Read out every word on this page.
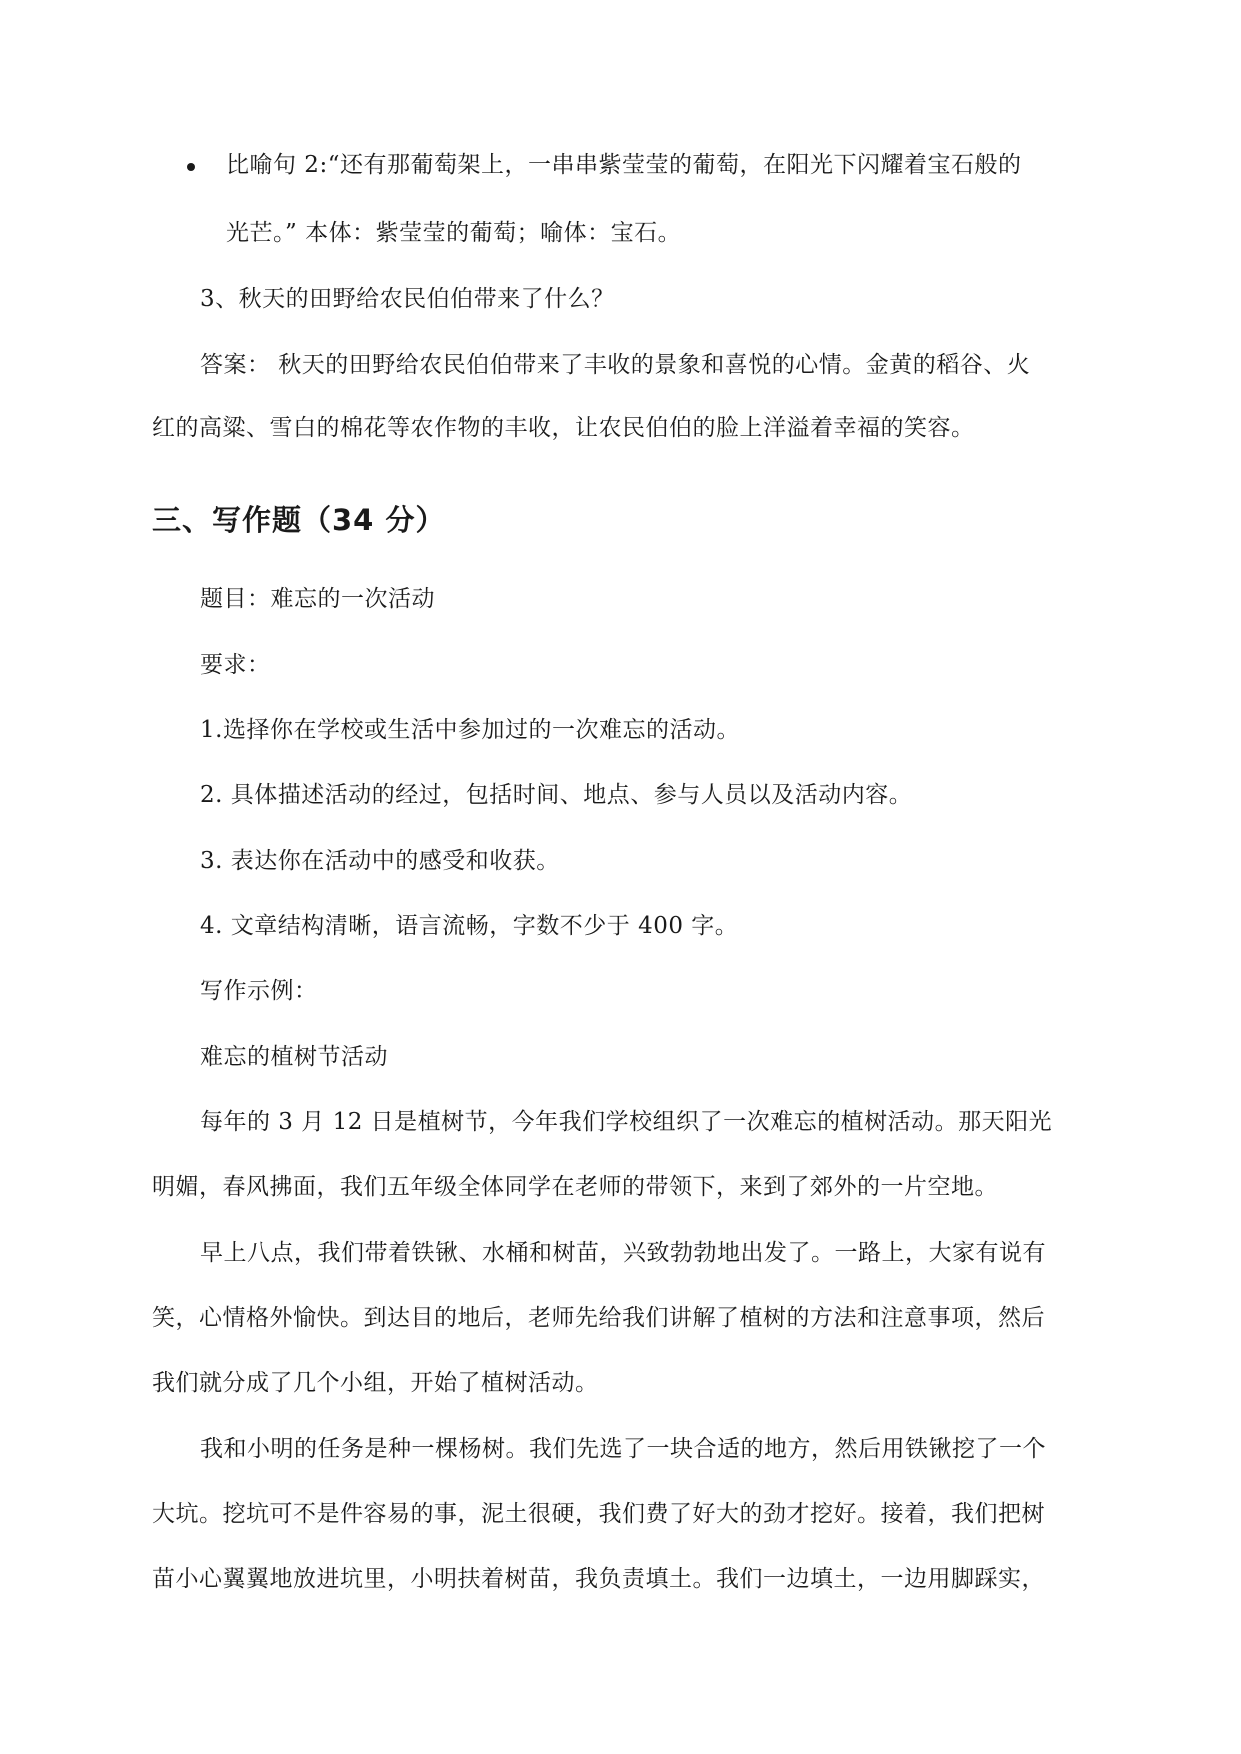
比喻句 2:“还有那葡萄架上，一串串紫莹莹的葡萄，在阳光下闪耀着宝石般的
光芒。” 本体：紫莹莹的葡萄；喻体：宝石。
3、秋天的田野给农民伯伯带来了什么？
答案： 秋天的田野给农民伯伯带来了丰收的景象和喜悦的心情。金黄的稻谷、火
红的高粱、雪白的棉花等农作物的丰收，让农民伯伯的脸上洋溢着幸福的笑容。
三、写作题（34 分）
题目：难忘的一次活动
要求：
1.选择你在学校或生活中参加过的一次难忘的活动。
2. 具体描述活动的经过，包括时间、地点、参与人员以及活动内容。
3. 表达你在活动中的感受和收获。
4. 文章结构清晰，语言流畅，字数不少于 400 字。
写作示例：
难忘的植树节活动
每年的 3 月 12 日是植树节，今年我们学校组织了一次难忘的植树活动。那天阳光
明媚，春风拂面，我们五年级全体同学在老师的带领下，来到了郊外的一片空地。
早上八点，我们带着铁锹、水桶和树苗，兴致勃勃地出发了。一路上，大家有说有
笑，心情格外愉快。到达目的地后，老师先给我们讲解了植树的方法和注意事项，然后
我们就分成了几个小组，开始了植树活动。
我和小明的任务是种一棵杨树。我们先选了一块合适的地方，然后用铁锹挖了一个
大坑。挖坑可不是件容易的事，泥土很硬，我们费了好大的劲才挖好。接着，我们把树
苗小心翼翼地放进坑里，小明扶着树苗，我负责填土。我们一边填土，一边用脚踩实，
